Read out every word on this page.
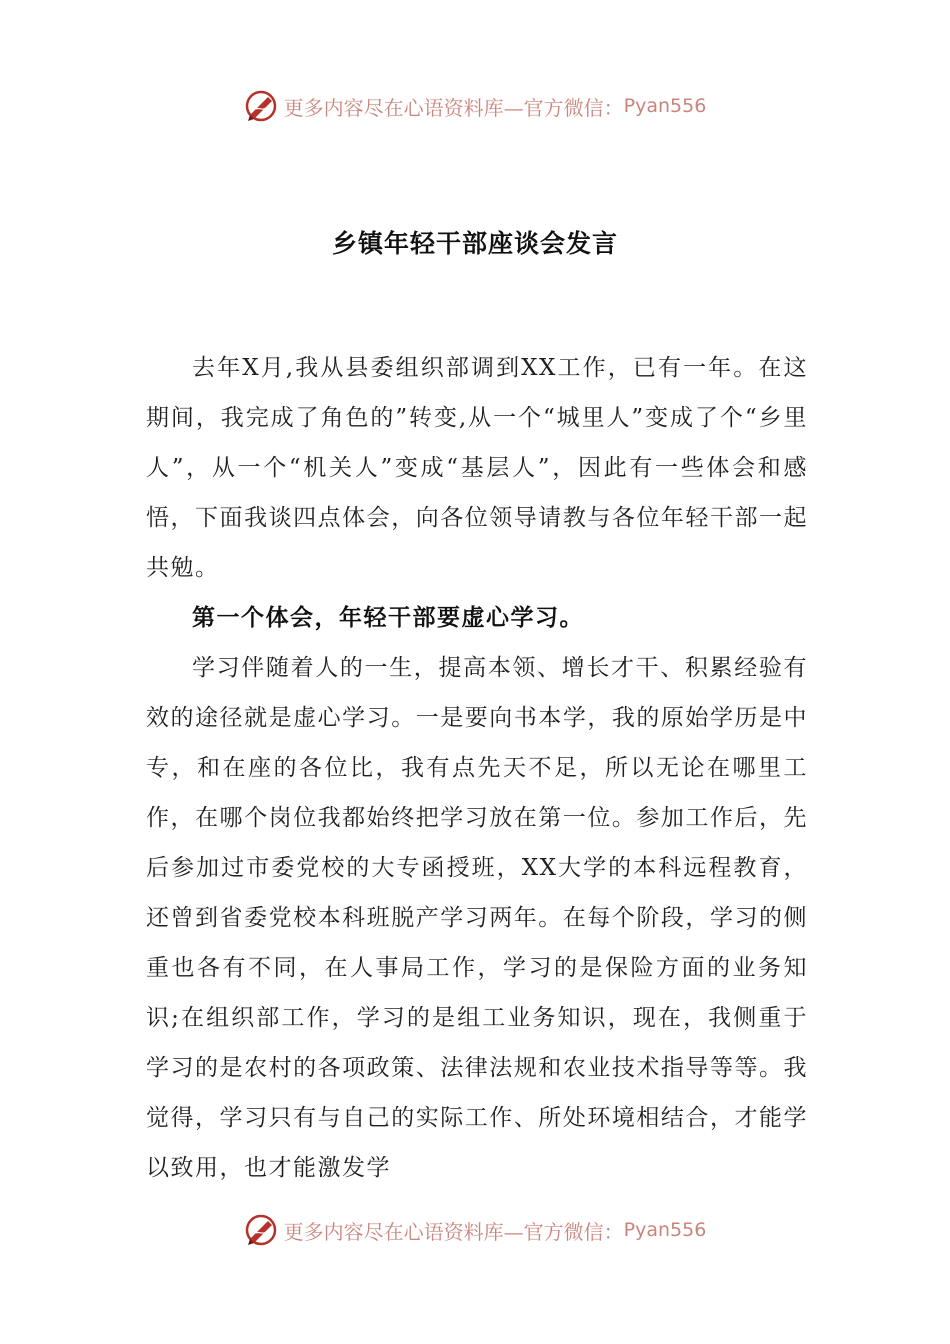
更多内容尽在心语资料库—官方微信： Pyan556
乡镇年轻干部座谈会发言

去年X月,我从县委组织部调到XX工作，已有一年。在这期间，我完成了角色的”转变,从一个“城里人”变成了个“乡里人”，从一个“机关人”变成“基层人”，因此有一些体会和感悟，下面我谈四点体会，向各位领导请教与各位年轻干部一起共勉。

第一个体会，年轻干部要虚心学习。

学习伴随着人的一生，提高本领、增长才干、积累经验有效的途径就是虚心学习。一是要向书本学，我的原始学历是中专，和在座的各位比，我有点先天不足，所以无论在哪里工作，在哪个岗位我都始终把学习放在第一位。参加工作后，先后参加过市委党校的大专函授班，XX大学的本科远程教育，还曾到省委党校本科班脱产学习两年。在每个阶段，学习的侧重也各有不同，在人事局工作，学习的是保险方面的业务知识;在组织部工作，学习的是组工业务知识，现在，我侧重于学习的是农村的各项政策、法律法规和农业技术指导等等。我觉得，学习只有与自己的实际工作、所处环境相结合，才能学以致用，也才能激发学

更多内容尽在心语资料库—官方微信： Pyan556
